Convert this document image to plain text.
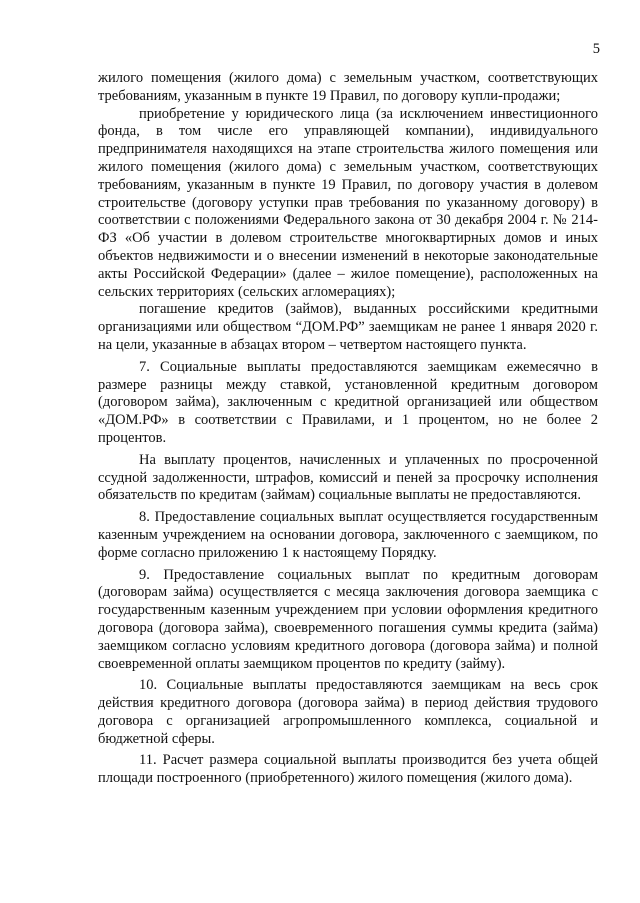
5

жилого помещения (жилого дома) с земельным участком, соответствующих требованиям, указанным в пункте 19 Правил, по договору купли-продажи;

приобретение у юридического лица (за исключением инвестиционного фонда, в том числе его управляющей компании), индивидуального предпринимателя находящихся на этапе строительства жилого помещения или жилого помещения (жилого дома) с земельным участком, соответствующих требованиям, указанным в пункте 19 Правил, по договору участия в долевом строительстве (договору уступки прав требования по указанному договору) в соответствии с положениями Федерального закона от 30 декабря 2004 г. № 214-ФЗ «Об участии в долевом строительстве многоквартирных домов и иных объектов недвижимости и о внесении изменений в некоторые законодательные акты Российской Федерации» (далее – жилое помещение), расположенных на сельских территориях (сельских агломерациях);

погашение кредитов (займов), выданных российскими кредитными организациями или обществом “ДОМ.РФ” заемщикам не ранее 1 января 2020 г. на цели, указанные в абзацах втором – четвертом настоящего пункта.

7. Социальные выплаты предоставляются заемщикам ежемесячно в размере разницы между ставкой, установленной кредитным договором (договором займа), заключенным с кредитной организацией или обществом «ДОМ.РФ» в соответствии с Правилами, и 1 процентом, но не более 2 процентов.

На выплату процентов, начисленных и уплаченных по просроченной ссудной задолженности, штрафов, комиссий и пеней за просрочку исполнения обязательств по кредитам (займам) социальные выплаты не предоставляются.

8. Предоставление социальных выплат осуществляется государственным казенным учреждением на основании договора, заключенного с заемщиком, по форме согласно приложению 1 к настоящему Порядку.

9. Предоставление социальных выплат по кредитным договорам (договорам займа) осуществляется с месяца заключения договора заемщика с государственным казенным учреждением при условии оформления кредитного договора (договора займа), своевременного погашения суммы кредита (займа) заемщиком согласно условиям кредитного договора (договора займа) и полной своевременной оплаты заемщиком процентов по кредиту (займу).

10. Социальные выплаты предоставляются заемщикам на весь срок действия кредитного договора (договора займа) в период действия трудового договора с организацией агропромышленного комплекса, социальной и бюджетной сферы.

11. Расчет размера социальной выплаты производится без учета общей площади построенного (приобретенного) жилого помещения (жилого дома).
